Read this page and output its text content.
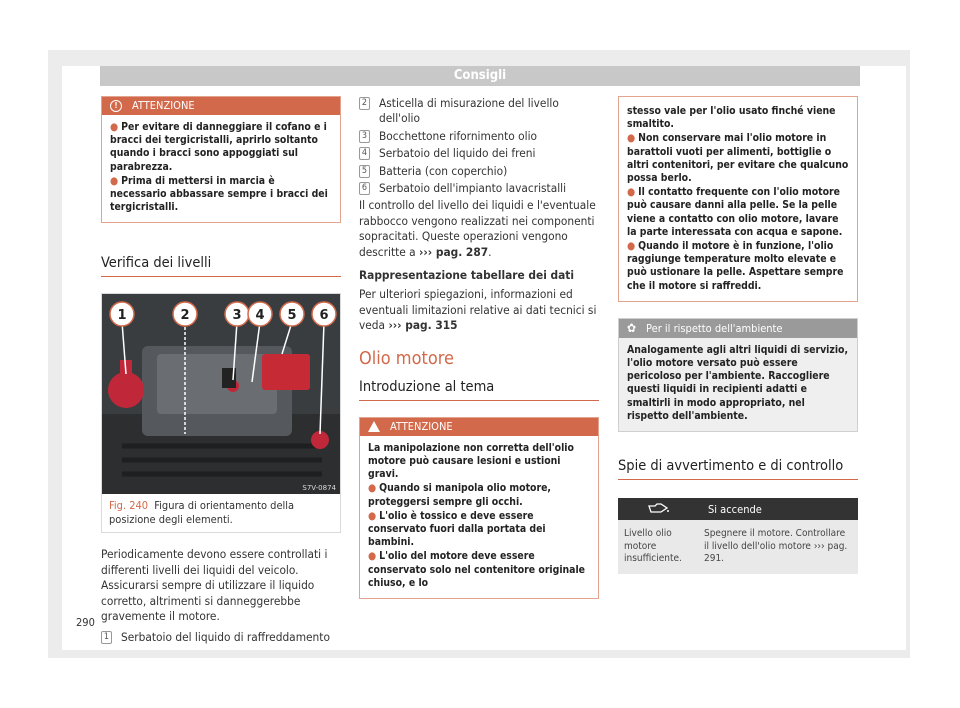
Consigli
!	ATTENZIONE

● Per evitare di danneggiare il cofano e i bracci dei tergicristalli, aprirlo soltanto quando i bracci sono appoggiati sul parabrezza.

● Prima di mettersi in marcia è necessario abbassare sempre i bracci dei tergicristalli.

Verifica dei livelli
1	2	3 4 5 6
S7V-0874
Fig. 240 Figura di orientamento della posizione degli elementi.

Periodicamente devono essere controllati i differenti livelli dei liquidi del veicolo. Assicurarsi sempre di utilizzare il liquido corretto, altrimenti si danneggerebbe gravemente il motore.

1 Serbatoio del liquido di raffreddamento
2 Asticella di misurazione del livello dell'olio
3 Bocchettone rifornimento olio
4 Serbatoio del liquido dei freni
5 Batteria (con coperchio)
6 Serbatoio dell'impianto lavacristalli

Il controllo del livello dei liquidi e l'eventuale rabbocco vengono realizzati nei componenti sopracitati. Queste operazioni vengono descritte a ››› pag. 287.

Rappresentazione tabellare dei dati

Per ulteriori spiegazioni, informazioni ed eventuali limitazioni relative ai dati tecnici si veda ››› pag. 315

Olio motore
Introduzione al tema
ATTENZIONE

La manipolazione non corretta dell'olio motore può causare lesioni e ustioni gravi.

● Quando si manipola olio motore, proteggersi sempre gli occhi.

● L'olio è tossico e deve essere conservato fuori dalla portata dei bambini.

● L'olio del motore deve essere conservato solo nel contenitore originale chiuso, e lo

stesso vale per l'olio usato finché viene smaltito.

● Non conservare mai l'olio motore in barattoli vuoti per alimenti, bottiglie o altri contenitori, per evitare che qualcuno possa berlo.

● Il contatto frequente con l'olio motore può causare danni alla pelle. Se la pelle viene a contatto con olio motore, lavare la parte interessata con acqua e sapone.

● Quando il motore è in funzione, l'olio raggiunge temperature molto elevate e può ustionare la pelle. Aspettare sempre che il motore si raffreddi.

✿ Per il rispetto dell'ambiente
Analogamente agli altri liquidi di servizio, l'olio motore versato può essere pericoloso per l'ambiente. Raccogliere questi liquidi in recipienti adatti e smaltirli in modo appropriato, nel rispetto dell'ambiente.
Spie di avvertimento e di controllo
	Si accende
Livello olio motore insufficiente.	Spegnere il motore. Controllare il livello dell'olio motore ››› pag. 291.
290
